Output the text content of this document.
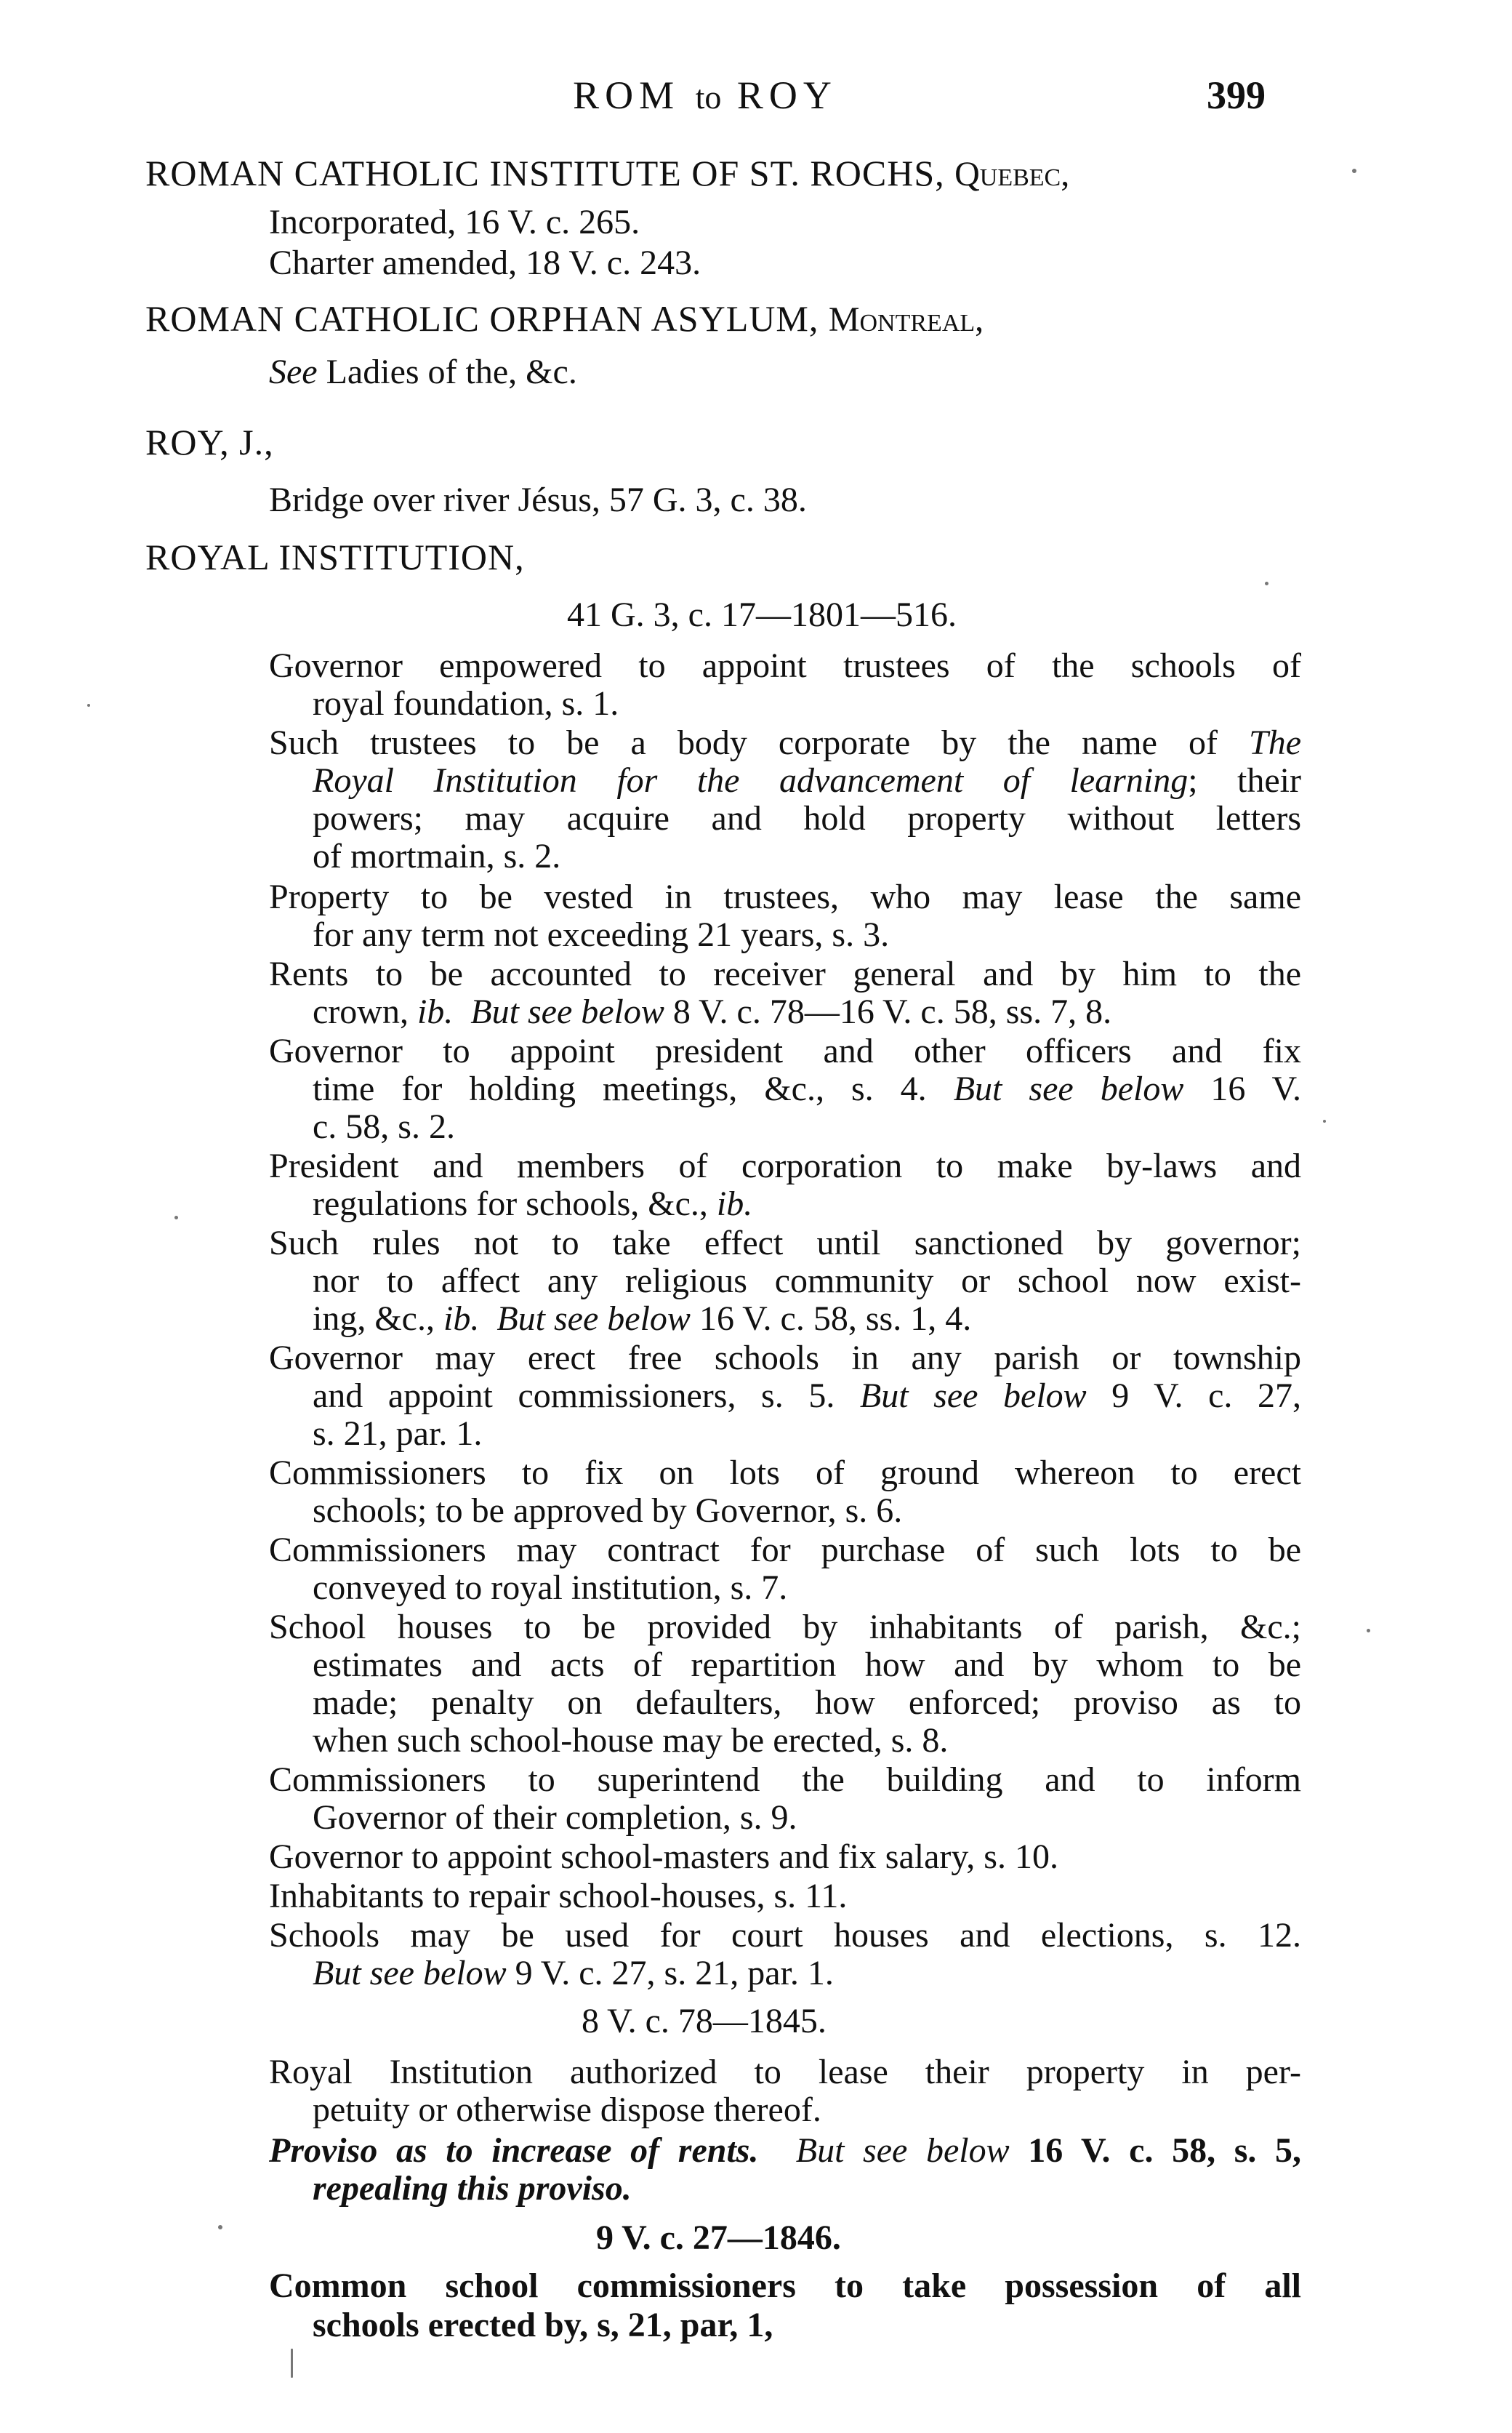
ROM to ROY	399
ROMAN CATHOLIC INSTITUTE OF ST. ROCHS, Quebec,
Incorporated, 16 V. c. 265.
Charter amended, 18 V. c. 243.
ROMAN CATHOLIC ORPHAN ASYLUM, Montreal,
See Ladies of the, &c.
ROY, J.,
Bridge over river Jésus, 57 G. 3, c. 38.
ROYAL INSTITUTION,
41 G. 3, c. 17—1801—516.
Governor empowered to appoint trustees of the schools of
royal foundation, s. 1.
Such trustees to be a body corporate by the name of The
Royal Institution for the advancement of learning; their
powers; may acquire and hold property without letters
of mortmain, s. 2.
Property to be vested in trustees, who may lease the same
for any term not exceeding 21 years, s. 3.
Rents to be accounted to receiver general and by him to the
crown, ib. But see below 8 V. c. 78—16 V. c. 58, ss. 7, 8.
Governor to appoint president and other officers and fix
time for holding meetings, &c., s. 4. But see below 16 V.
c. 58, s. 2.
President and members of corporation to make by-laws and
regulations for schools, &c., ib.
Such rules not to take effect until sanctioned by governor;
nor to affect any religious community or school now exist-
ing, &c., ib. But see below 16 V. c. 58, ss. 1, 4.
Governor may erect free schools in any parish or township
and appoint commissioners, s. 5. But see below 9 V. c. 27,
s. 21, par. 1.
Commissioners to fix on lots of ground whereon to erect
schools; to be approved by Governor, s. 6.
Commissioners may contract for purchase of such lots to be
conveyed to royal institution, s. 7.
School houses to be provided by inhabitants of parish, &c.;
estimates and acts of repartition how and by whom to be
made; penalty on defaulters, how enforced; proviso as to
when such school-house may be erected, s. 8.
Commissioners to superintend the building and to inform
Governor of their completion, s. 9.
Governor to appoint school-masters and fix salary, s. 10.
Inhabitants to repair school-houses, s. 11.
Schools may be used for court houses and elections, s. 12.
But see below 9 V. c. 27, s. 21, par. 1.
8 V. c. 78—1845.
Royal Institution authorized to lease their property in per-
petuity or otherwise dispose thereof.
Proviso as to increase of rents. But see below 16 V. c. 58, s. 5,
repealing this proviso.
9 V. c. 27—1846.
Common school commissioners to take possession of all
schools erected by, s, 21, par, 1,
